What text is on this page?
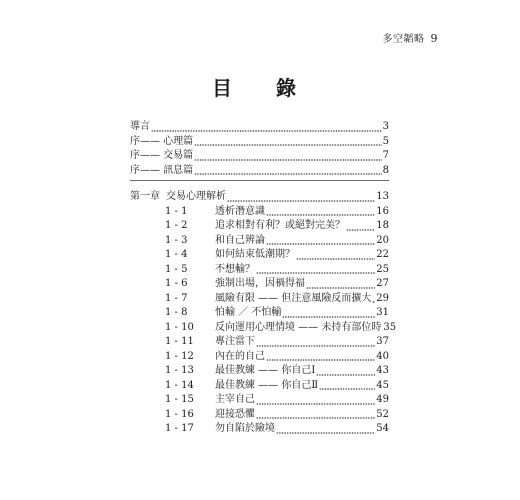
多空韜略 9
目　錄
導言	3
序—— 心理篇	5
序—— 交易篇	7
序—— 訊息篇	8
第一章 交易心理解析	13
1 - 1	透析潛意識	16
1 - 2	追求相對有利？或絕對完美？	18
1 - 3	和自己辨論	20
1 - 4	如何結束低潮期？	22
1 - 5	不想輸？	25
1 - 6	強制出場，因禍得福	27
1 - 7	風險有限 —— 但注意風險反而擴大 29
1 - 8	怕輸 ／ 不怕輸	31
1 - 10 反向運用心理情境 —— 未持有部位時 35
1 - 11 專注當下	37
1 - 12 內在的自己	40
1 - 13 最佳教練 —— 你自己Ⅰ	43
1 - 14 最佳教練 —— 你自己Ⅱ	45
1 - 15 主宰自己	49
1 - 16 迎接恐懼	52
1 - 17 勿自陷於險境	54
